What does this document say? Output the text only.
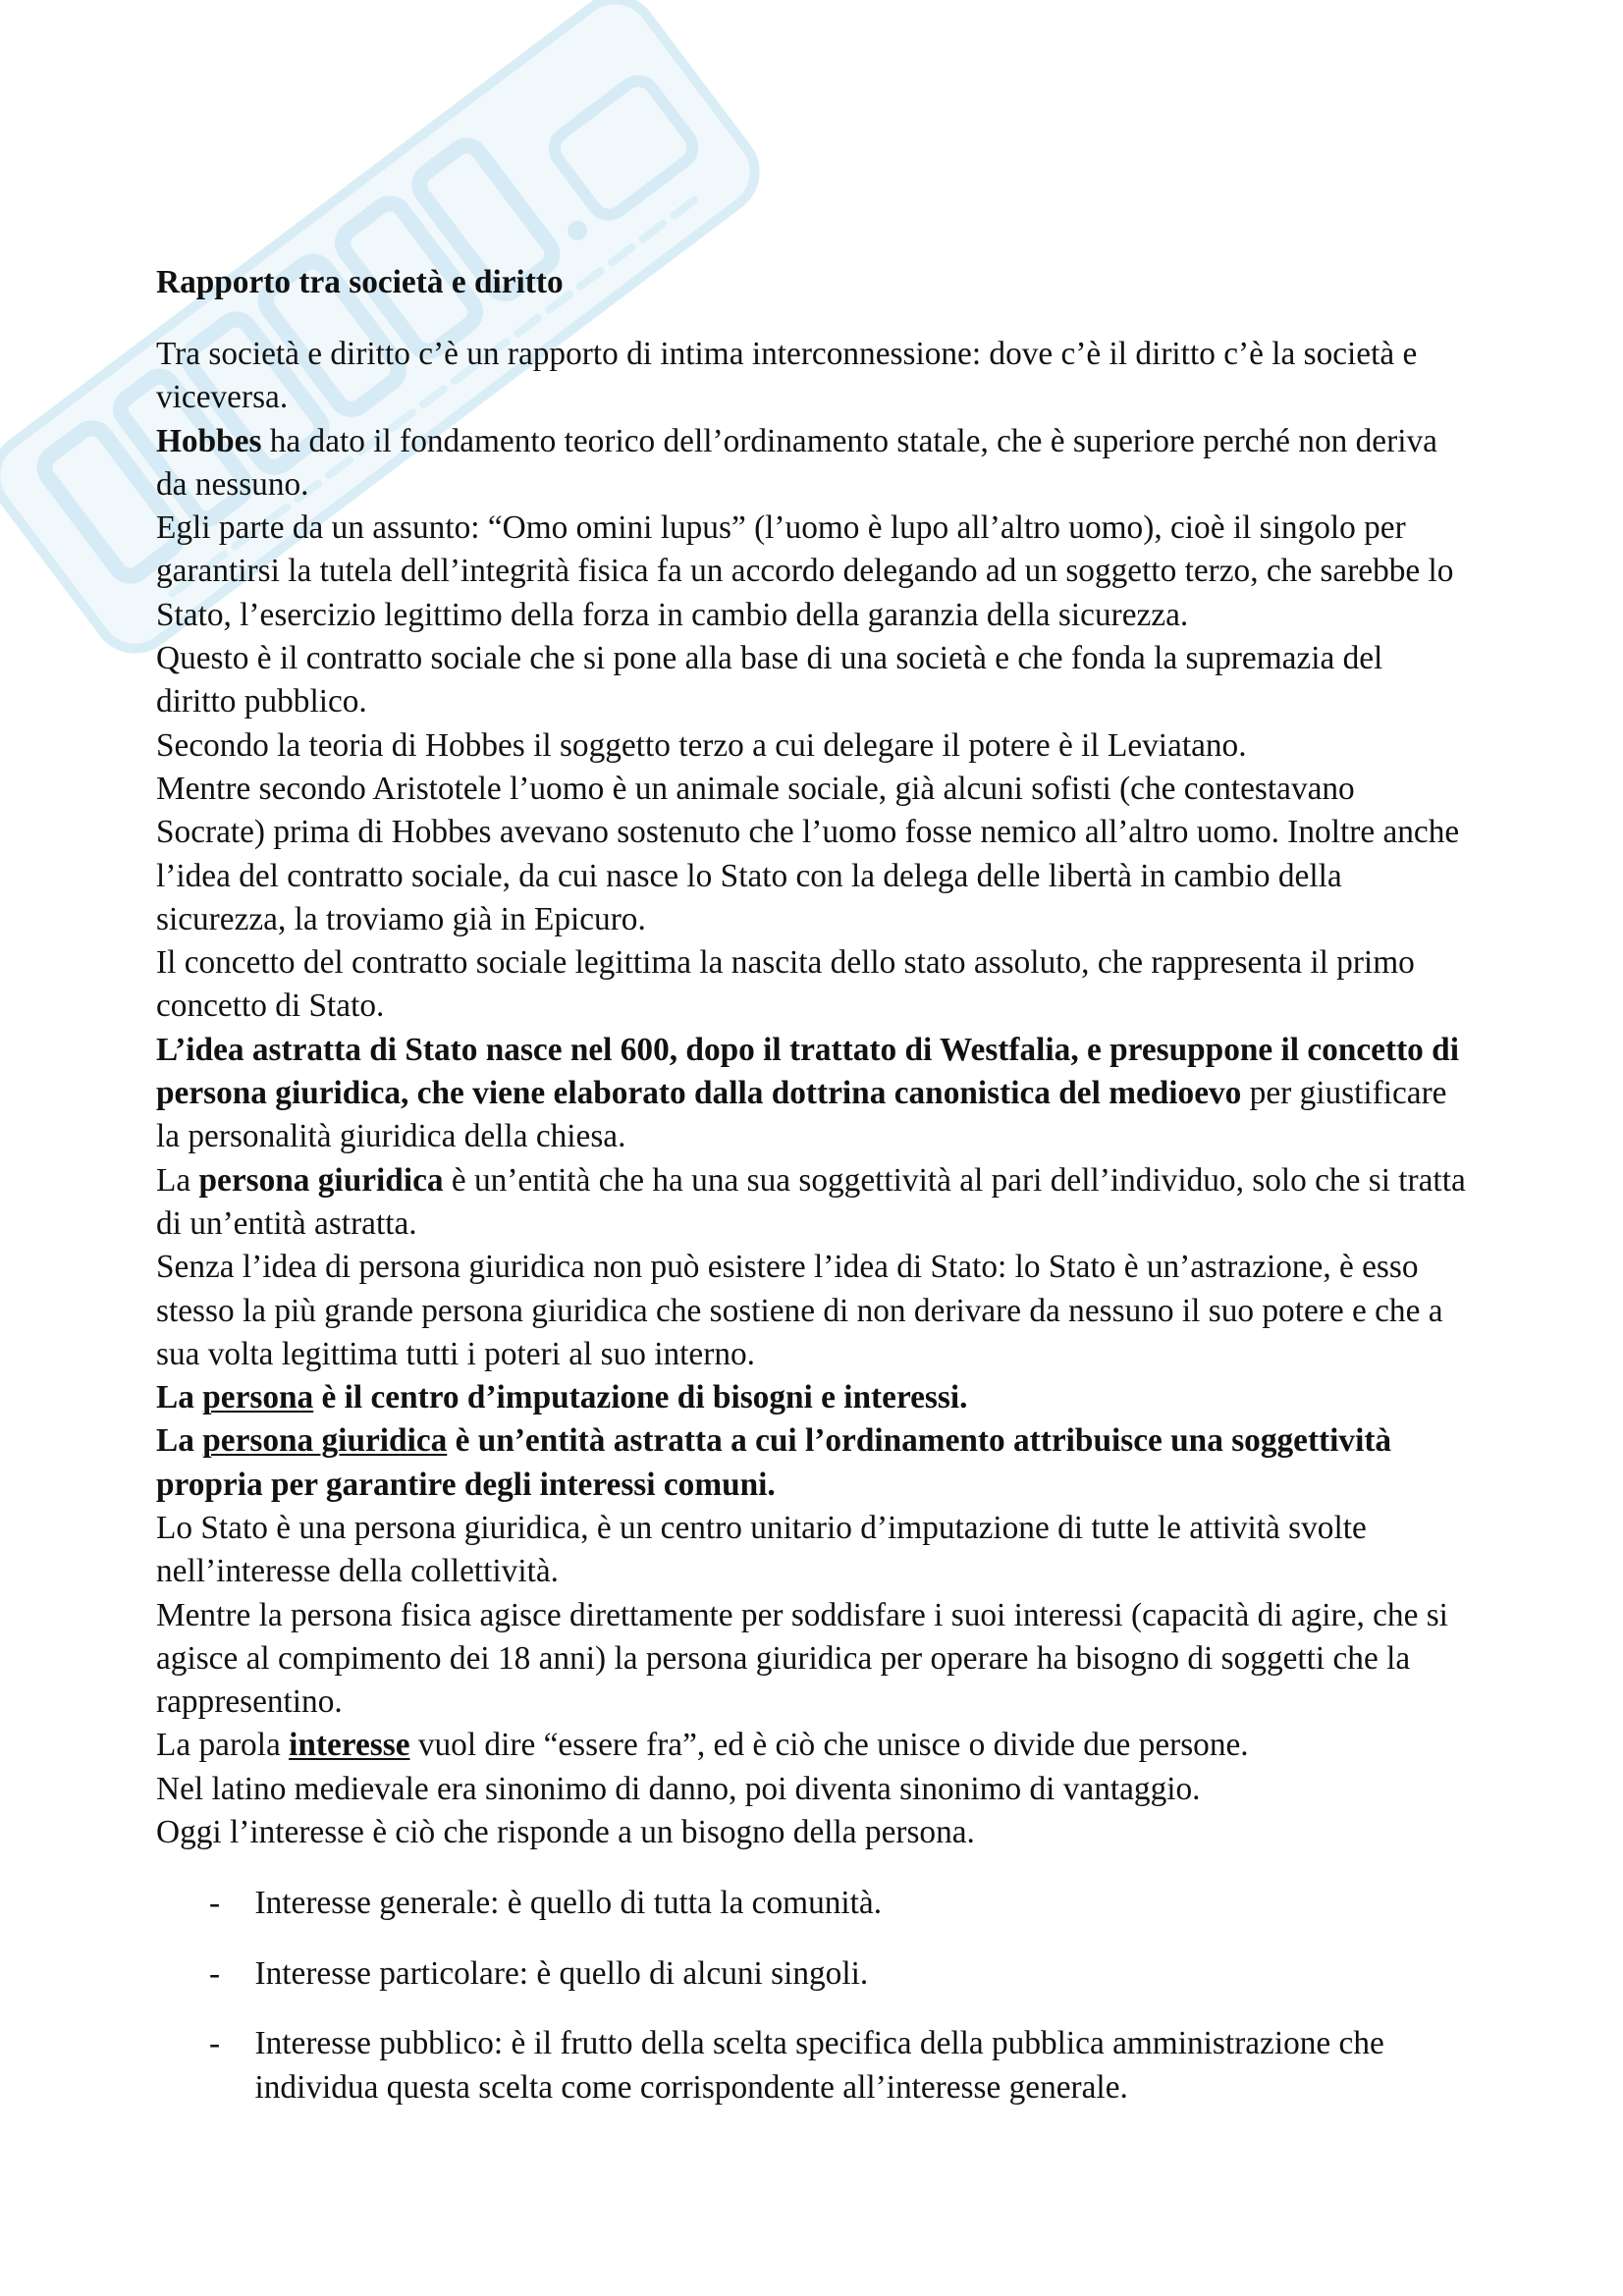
Rapporto tra società e diritto
Tra società e diritto c’è un rapporto di intima interconnessione: dove c’è il diritto c’è la società e
viceversa.
Hobbes ha dato il fondamento teorico dell’ordinamento statale, che è superiore perché non deriva
da nessuno.
Egli parte da un assunto: “Omo omini lupus” (l’uomo è lupo all’altro uomo), cioè il singolo per
garantirsi la tutela dell’integrità fisica fa un accordo delegando ad un soggetto terzo, che sarebbe lo
Stato, l’esercizio legittimo della forza in cambio della garanzia della sicurezza.
Questo è il contratto sociale che si pone alla base di una società e che fonda la supremazia del
diritto pubblico.
Secondo la teoria di Hobbes il soggetto terzo a cui delegare il potere è il Leviatano.
Mentre secondo Aristotele l’uomo è un animale sociale, già alcuni sofisti (che contestavano
Socrate) prima di Hobbes avevano sostenuto che l’uomo fosse nemico all’altro uomo. Inoltre anche
l’idea del contratto sociale, da cui nasce lo Stato con la delega delle libertà in cambio della
sicurezza, la troviamo già in Epicuro.
Il concetto del contratto sociale legittima la nascita dello stato assoluto, che rappresenta il primo
concetto di Stato.
L’idea astratta di Stato nasce nel 600, dopo il trattato di Westfalia, e presuppone il concetto di
persona giuridica, che viene elaborato dalla dottrina canonistica del medioevo per giustificare
la personalità giuridica della chiesa.
La persona giuridica è un’entità che ha una sua soggettività al pari dell’individuo, solo che si tratta
di un’entità astratta.
Senza l’idea di persona giuridica non può esistere l’idea di Stato: lo Stato è un’astrazione, è esso
stesso la più grande persona giuridica che sostiene di non derivare da nessuno il suo potere e che a
sua volta legittima tutti i poteri al suo interno.
La persona è il centro d’imputazione di bisogni e interessi.
La persona giuridica è un’entità astratta a cui l’ordinamento attribuisce una soggettività
propria per garantire degli interessi comuni.
Lo Stato è una persona giuridica, è un centro unitario d’imputazione di tutte le attività svolte
nell’interesse della collettività.
Mentre la persona fisica agisce direttamente per soddisfare i suoi interessi (capacità di agire, che si
agisce al compimento dei 18 anni) la persona giuridica per operare ha bisogno di soggetti che la
rappresentino.
La parola interesse vuol dire “essere fra”, ed è ciò che unisce o divide due persone.
Nel latino medievale era sinonimo di danno, poi diventa sinonimo di vantaggio.
Oggi l’interesse è ciò che risponde a un bisogno della persona.
- Interesse generale: è quello di tutta la comunità.
- Interesse particolare: è quello di alcuni singoli.
- Interesse pubblico: è il frutto della scelta specifica della pubblica amministrazione che
individua questa scelta come corrispondente all’interesse generale.
